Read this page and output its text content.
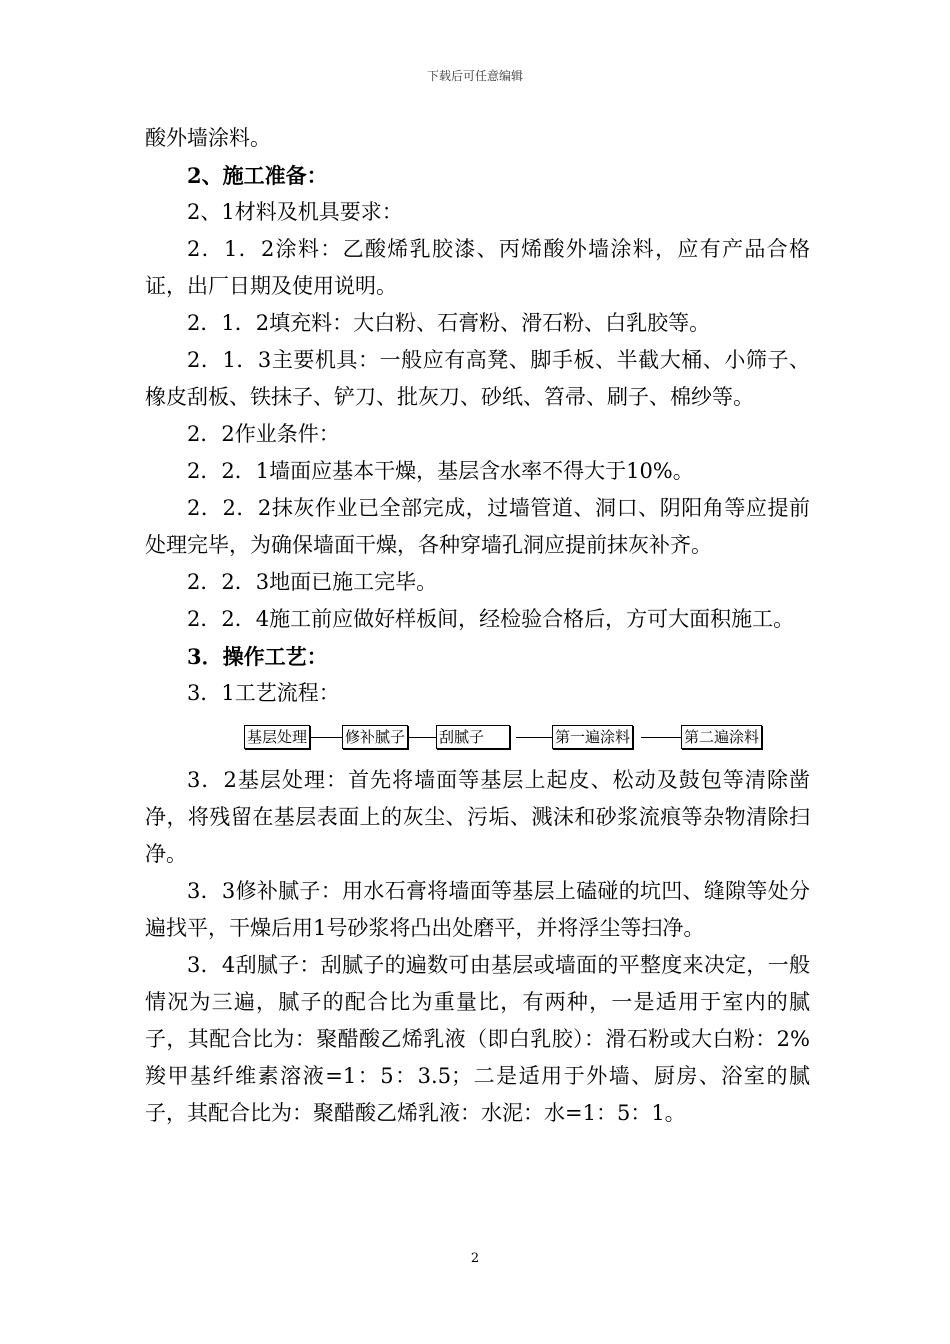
下载后可任意编辑

酸外墙涂料。

2、施工准备：

2、1材料及机具要求：

2．1．2涂料：乙酸烯乳胶漆、丙烯酸外墙涂料，应有产品合格证，出厂日期及使用说明。

2．1．2填充料：大白粉、石膏粉、滑石粉、白乳胶等。

2．1．3主要机具：一般应有高凳、脚手板、半截大桶、小筛子、橡皮刮板、铁抹子、铲刀、批灰刀、砂纸、笤帚、刷子、棉纱等。

2．2作业条件：

2．2．1墙面应基本干燥，基层含水率不得大于10%。

2．2．2抹灰作业已全部完成，过墙管道、洞口、阴阳角等应提前处理完毕，为确保墙面干燥，各种穿墙孔洞应提前抹灰补齐。

2．2．3地面已施工完毕。

2．2．4施工前应做好样板间，经检验合格后，方可大面积施工。

3．操作工艺：

3．1工艺流程：

基层处理	修补腻子 刮腻子	第一遍涂料	第二遍涂料

3．2基层处理：首先将墙面等基层上起皮、松动及鼓包等清除凿净，将残留在基层表面上的灰尘、污垢、溅沫和砂浆流痕等杂物清除扫净。

3．3修补腻子：用水石膏将墙面等基层上磕碰的坑凹、缝隙等处分遍找平，干燥后用1号砂浆将凸出处磨平，并将浮尘等扫净。

3．4刮腻子：刮腻子的遍数可由基层或墙面的平整度来决定，一般情况为三遍，腻子的配合比为重量比，有两种，一是适用于室内的腻子，其配合比为：聚醋酸乙烯乳液（即白乳胶）：滑石粉或大白粉：2%羧甲基纤维素溶液=1：5：3.5；二是适用于外墙、厨房、浴室的腻子，其配合比为：聚醋酸乙烯乳液：水泥：水=1：5：1。

2
